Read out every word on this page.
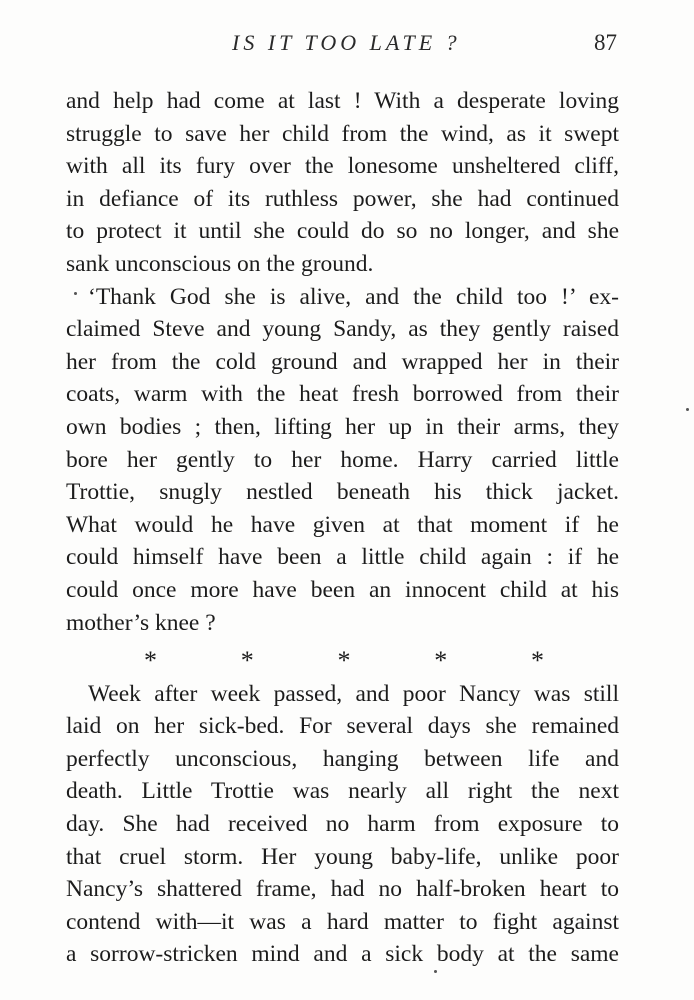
IS IT TOO LATE ?	87
and help had come at last ! With a desperate loving
struggle to save her child from the wind, as it swept
with all its fury over the lonesome unsheltered cliff,
in defiance of its ruthless power, she had continued
to protect it until she could do so no longer, and she
sank unconscious on the ground.
‘Thank God she is alive, and the child too !’ ex-
claimed Steve and young Sandy, as they gently raised
her from the cold ground and wrapped her in their
coats, warm with the heat fresh borrowed from their
own bodies ; then, lifting her up in their arms, they
bore her gently to her home. Harry carried little
Trottie, snugly nestled beneath his thick jacket.
What would he have given at that moment if he
could himself have been a little child again : if he
could once more have been an innocent child at his
mother’s knee ?
*	*	*	*	*
Week after week passed, and poor Nancy was still
laid on her sick-bed. For several days she remained
perfectly unconscious, hanging between life and
death. Little Trottie was nearly all right the next
day. She had received no harm from exposure to
that cruel storm. Her young baby-life, unlike poor
Nancy’s shattered frame, had no half-broken heart to
contend with—it was a hard matter to fight against
a sorrow-stricken mind and a sick body at the same
